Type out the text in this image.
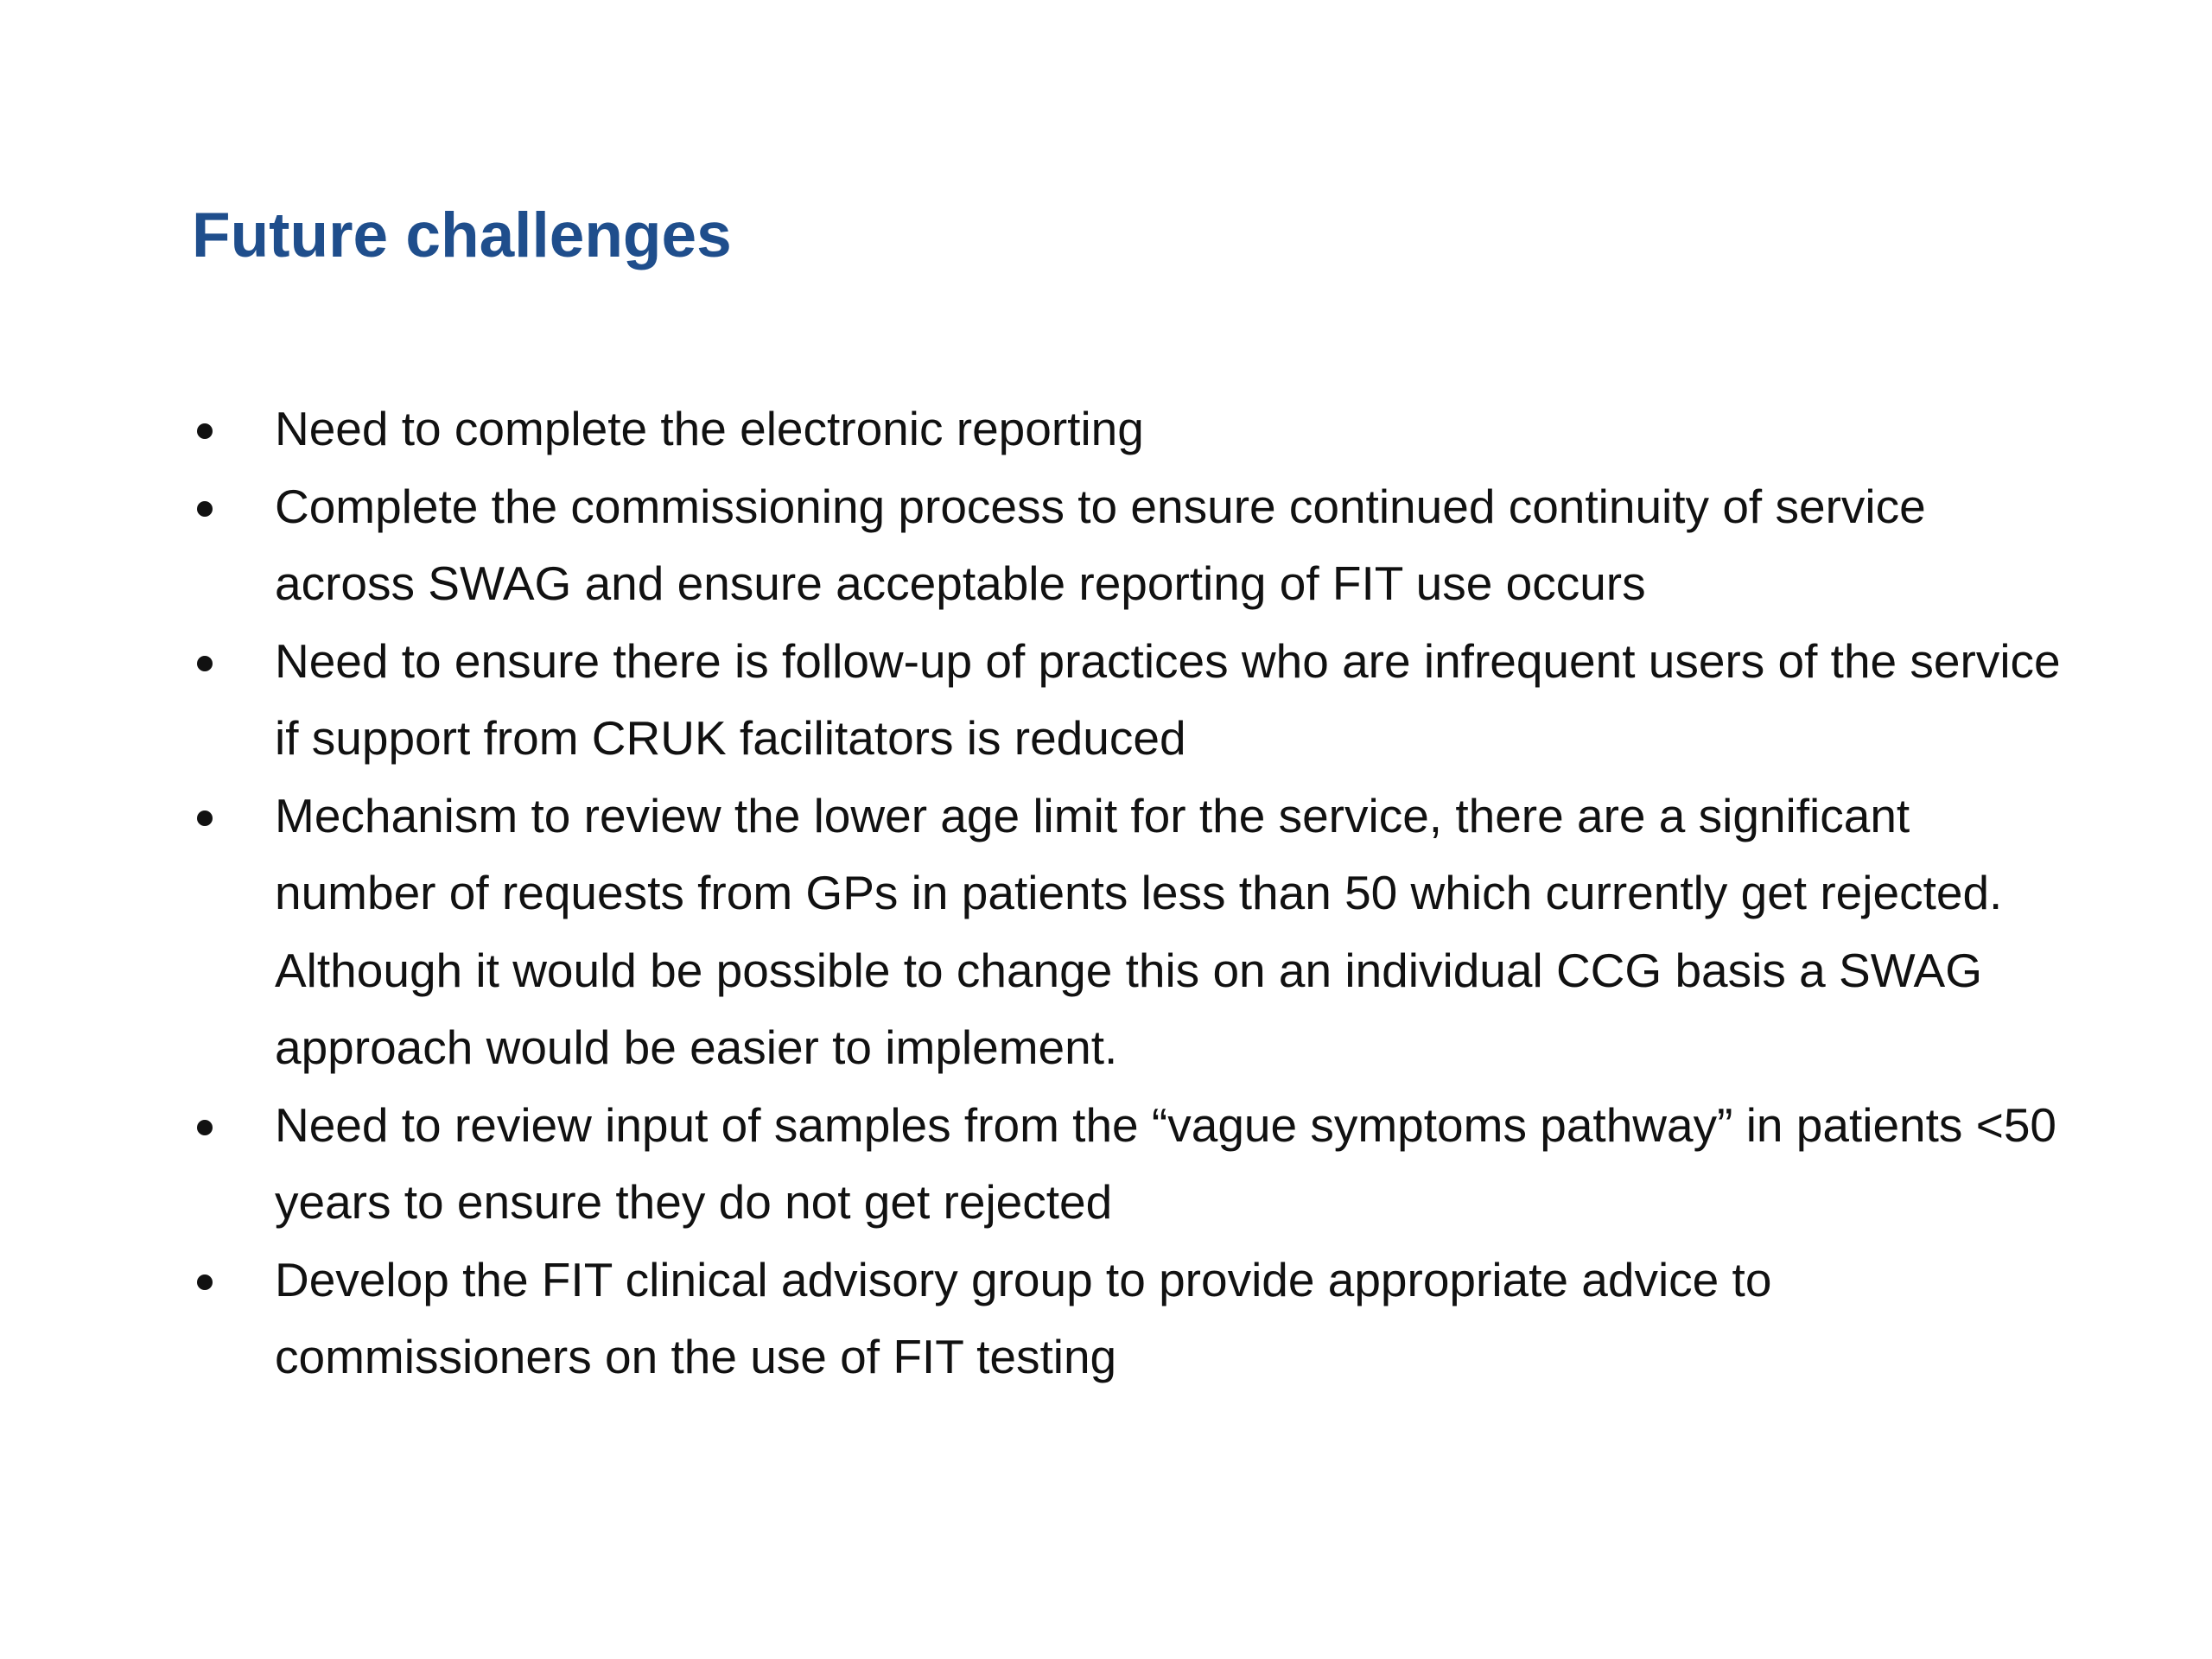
Future challenges
Need to complete the electronic reporting
Complete the commissioning process to ensure continued continuity of service across SWAG and ensure acceptable reporting of FIT use occurs
Need to ensure there is follow-up of practices who are infrequent users of the service if support from CRUK facilitators is reduced
Mechanism to review the lower age limit for the service, there are a significant number of requests from GPs in patients less than 50 which currently get rejected.  Although it would be possible to change this on an individual CCG basis a SWAG approach would be easier to implement.
Need to review input of samples from the “vague symptoms pathway” in patients <50 years to ensure they do not get rejected
Develop the FIT clinical advisory group to provide appropriate advice to commissioners on the use of FIT testing
